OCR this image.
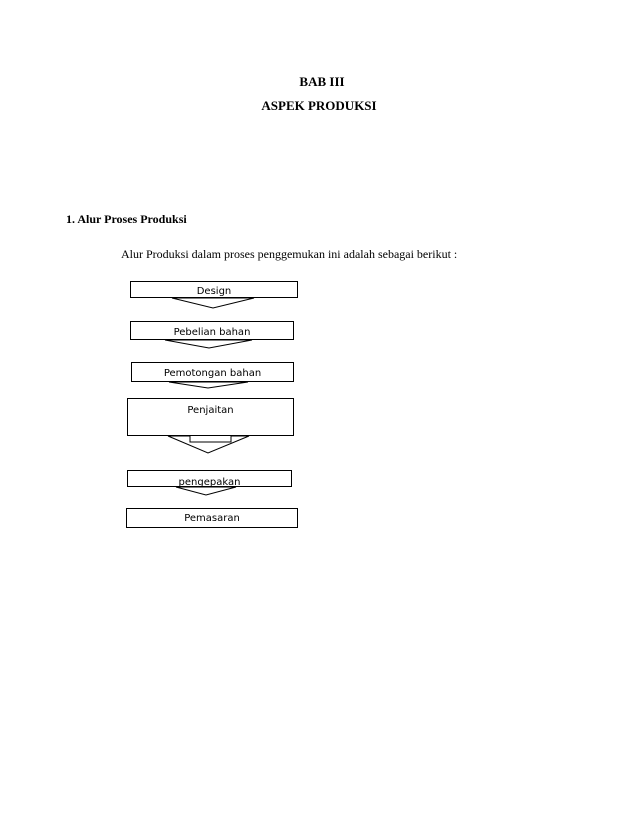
BAB III
ASPEK PRODUKSI
1. Alur Proses Produksi
Alur Produksi dalam proses penggemukan ini adalah sebagai berikut :
Design
Pebelian bahan
Pemotongan bahan
Penjaitan
pengepakan
Pemasaran
